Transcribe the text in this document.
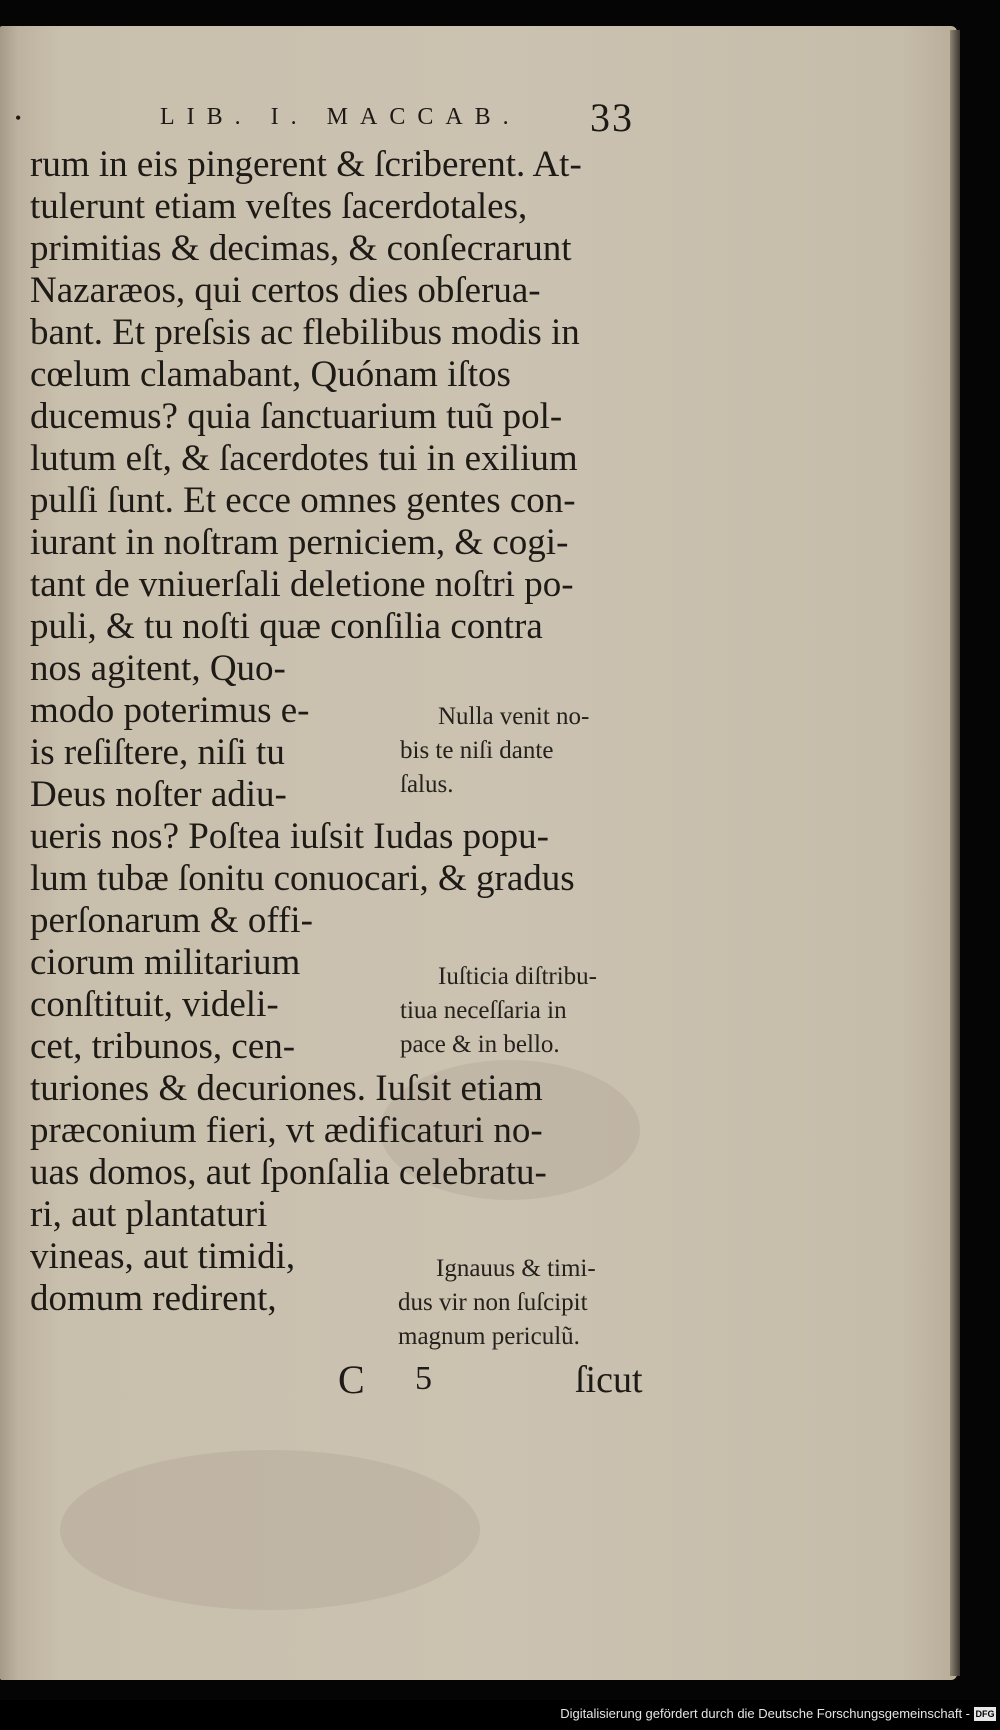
•	LIB. I. MACCAB. 33
rum in eis pingerent & ſcriberent. At-
tulerunt etiam veſtes ſacerdotales,
primitias & decimas, & conſecrarunt
Nazaræos, qui certos dies obſerua-
bant. Et preſsis ac flebilibus modis in
cœlum clamabant, Quónam iſtos
ducemus? quia ſanctuarium tuũ pol-
lutum eſt, & ſacerdotes tui in exilium
pulſi ſunt. Et ecce omnes gentes con-
iurant in noſtram perniciem, & cogi-
tant de vniuerſali deletione noſtri po-
puli, & tu noſti quæ conſilia contra
nos agitent, Quo-
modo poterimus e-
is reſiſtere, niſi tu
Deus noſter adiu-
ueris nos? Poſtea iuſsit Iudas popu-
lum tubæ ſonitu conuocari, & gradus
perſonarum & offi-
ciorum militarium
conſtituit, videli-
cet, tribunos, cen-
turiones & decuriones. Iuſsit etiam
præconium fieri, vt ædificaturi no-
uas domos, aut ſponſalia celebratu-
ri, aut plantaturi
vineas, aut timidi,
domum redirent,
Nulla venit no-
bis te niſi dante
ſalus.
Iuſticia diſtribu-
tiua neceſſaria in
pace & in bello.
Ignauus & timi-
dus vir non ſuſcipit
magnum periculũ.
C 5	ſicut
Digitalisierung gefördert durch die Deutsche Forschungsgemeinschaft - DFG
